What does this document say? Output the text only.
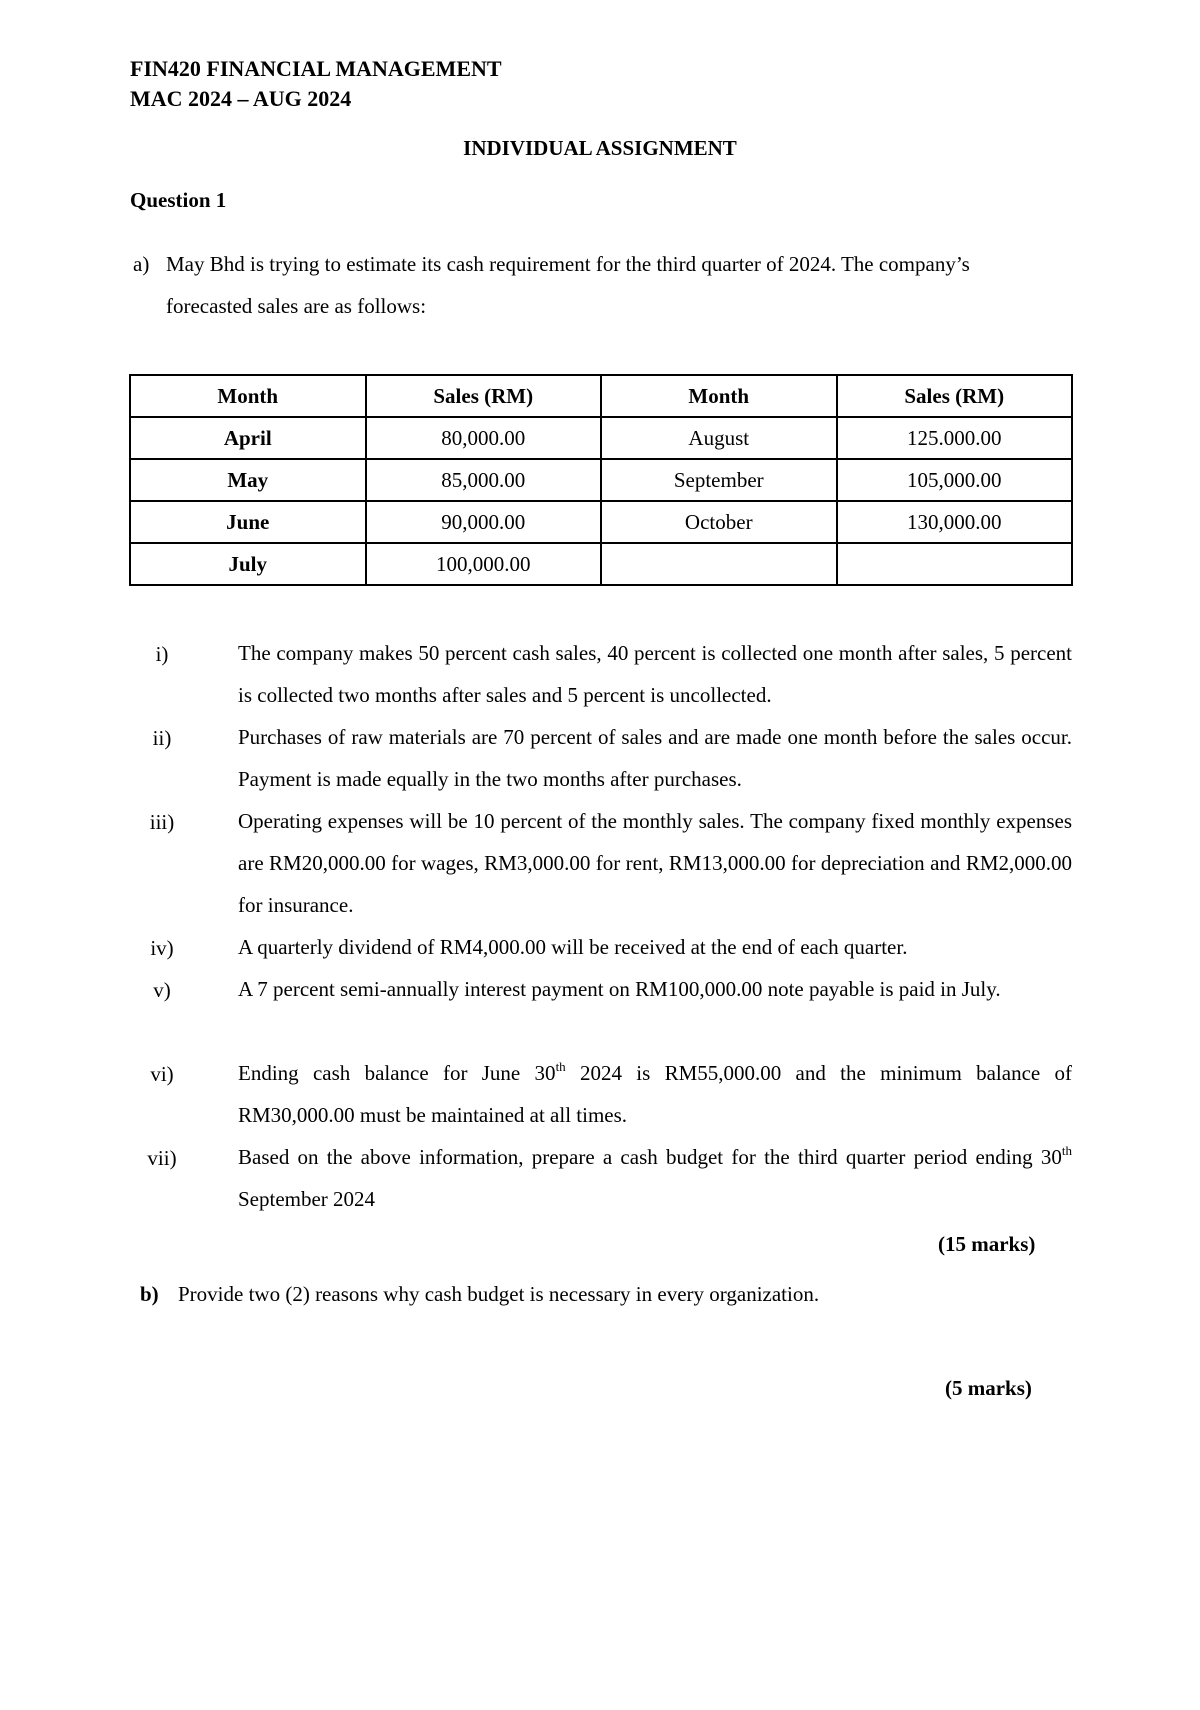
FIN420 FINANCIAL MANAGEMENT
MAC 2024 – AUG 2024
INDIVIDUAL ASSIGNMENT
Question 1
a) May Bhd is trying to estimate its cash requirement for the third quarter of 2024. The company’s
forecasted sales are as follows:
Month	Sales (RM)	Month	Sales (RM)
April	80,000.00	August	125.000.00
May	85,000.00	September	105,000.00
June	90,000.00	October	130,000.00
July	100,000.00		
i)	The company makes 50 percent cash sales, 40 percent is collected one month after sales, 5 percent is collected two months after sales and 5 percent is uncollected.
ii)	Purchases of raw materials are 70 percent of sales and are made one month before the sales occur. Payment is made equally in the two months after purchases.
iii)	Operating expenses will be 10 percent of the monthly sales. The company fixed monthly expenses are RM20,000.00 for wages, RM3,000.00 for rent, RM13,000.00 for depreciation and RM2,000.00 for insurance.
iv)	A quarterly dividend of RM4,000.00 will be received at the end of each quarter.
v)	A 7 percent semi-annually interest payment on RM100,000.00 note payable is paid in July.
vi)	Ending cash balance for June 30th 2024 is RM55,000.00 and the minimum balance of RM30,000.00 must be maintained at all times.
vii)	Based on the above information, prepare a cash budget for the third quarter period ending 30th September 2024
(15 marks)
b) Provide two (2) reasons why cash budget is necessary in every organization.
(5 marks)
